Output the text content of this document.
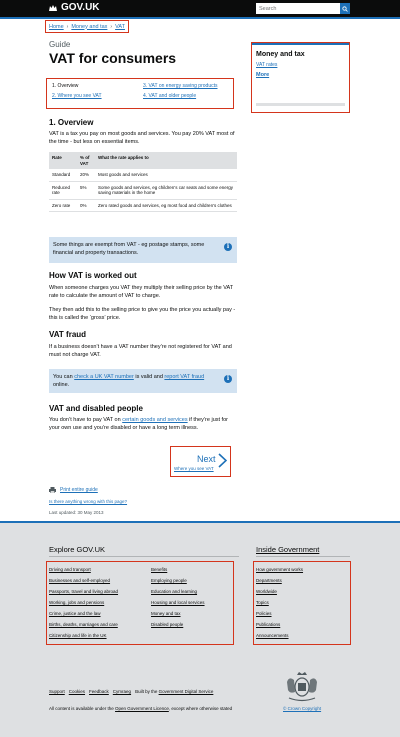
GOV.UK
Search
Home › Money and tax › VAT
Guide
VAT for consumers
1. Overview
2. Where you see VAT
3. VAT on energy saving products
4. VAT and older people
Money and tax
VAT rates
More
1. Overview

VAT is a tax you pay on most goods and services. You pay 20% VAT most of the time - but less on essential items.

Rate	% of VAT	What the rate applies to
Standard	20%	Most goods and services
Reduced rate	5%	Some goods and services, eg children’s car seats and some energy saving materials in the home
Zero rate	0%	Zero rated goods and services, eg most food and children’s clothes
Some things are exempt from VAT - eg postage stamps, some financial and property transactions.
i
How VAT is worked out

When someone charges you VAT they multiply their selling price by the VAT rate to calculate the amount of VAT to charge.

They then add this to the selling price to give you the price you actually pay - this is called the ‘gross’ price.

VAT fraud

If a business doesn’t have a VAT number they’re not registered for VAT and must not charge VAT.

You can check a UK VAT number is valid and report VAT fraud online.
i
VAT and disabled people

You don’t have to pay VAT on certain goods and services if they’re just for your own use and you’re disabled or have a long term illness.

Next
Where you see VAT
Print entire guide
Is there anything wrong with this page?
Last updated: 30 May 2013
Explore GOV.UK	Inside Government
Driving and transport
Businesses and self-employed
Passports, travel and living abroad
Working, jobs and pensions
Crime, justice and the law
Births, deaths, marriages and care
Citizenship and life in the UK
Benefits
Employing people
Education and learning
Housing and local services
Money and tax
Disabled people
How government works
Departments
Worldwide
Topics
Policies
Publications
Announcements
Support Cookies Feedback Cymraeg Built by the Government Digital Service
All content is available under the Open Government Licence, except where otherwise stated	© Crown Copyright
